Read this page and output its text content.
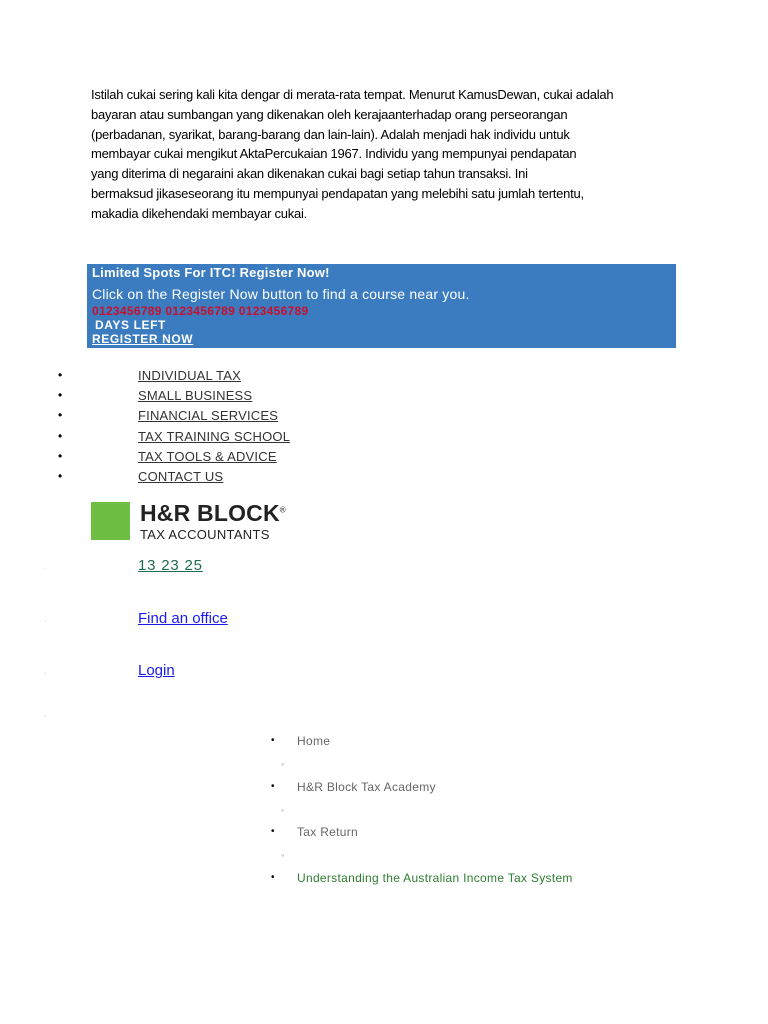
Istilah cukai sering kali kita dengar di merata-rata tempat. Menurut KamusDewan, cukai adalah
bayaran atau sumbangan yang dikenakan oleh kerajaanterhadap orang perseorangan
(perbadanan, syarikat, barang-barang dan lain-lain). Adalah menjadi hak individu untuk
membayar cukai mengikut AktaPercukaian 1967. Individu yang mempunyai pendapatan
yang diterima di negaraini akan dikenakan cukai bagi setiap tahun transaksi. Ini
bermaksud jikaseseorang itu mempunyai pendapatan yang melebihi satu jumlah tertentu,
makadia dikehendaki membayar cukai.
Limited Spots For ITC! Register Now!
Click on the Register Now button to find a course near you.
0123456789 0123456789 0123456789
DAYS LEFT
REGISTER NOW
•	INDIVIDUAL TAX
•	SMALL BUSINESS
•	FINANCIAL SERVICES
•	TAX TRAINING SCHOOL
•	TAX TOOLS & ADVICE
•	CONTACT US
H&R BLOCK®
TAX ACCOUNTANTS
·	13 23 25
·	Find an office
·	Login
·
• Home
◦
• H&R Block Tax Academy
◦
• Tax Return
◦
• Understanding the Australian Income Tax System
